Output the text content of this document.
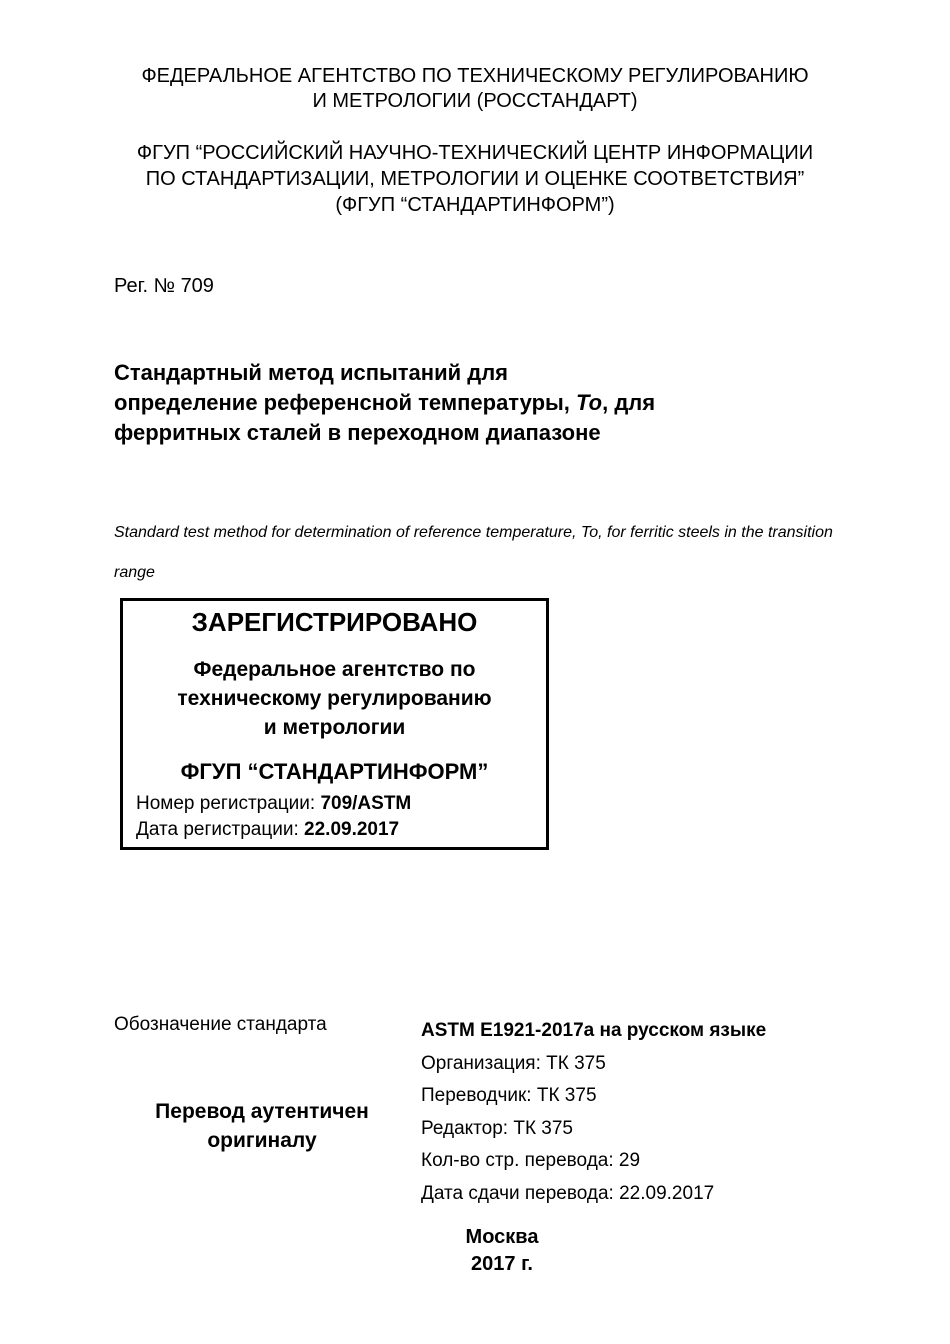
ФЕДЕРАЛЬНОЕ АГЕНТСТВО ПО ТЕХНИЧЕСКОМУ РЕГУЛИРОВАНИЮ
И МЕТРОЛОГИИ (РОССТАНДАРТ)
ФГУП “РОССИЙСКИЙ НАУЧНО-ТЕХНИЧЕСКИЙ ЦЕНТР ИНФОРМАЦИИ
ПО СТАНДАРТИЗАЦИИ, МЕТРОЛОГИИ И ОЦЕНКЕ СООТВЕТСТВИЯ”
(ФГУП “СТАНДАРТИНФОРМ”)
Рег. № 709
Стандартный метод испытаний для
определение референсной температуры, To, для
ферритных сталей в переходном диапазоне
Standard test method for determination of reference temperature, To, for ferritic steels in the transition range
ЗАРЕГИСТРИРОВАНО
Федеральное агентство по
техническому регулированию
и метрологии
ФГУП “СТАНДАРТИНФОРМ”
Номер регистрации: 709/ASTM
Дата регистрации: 22.09.2017
Обозначение стандарта
Перевод аутентичен
оригиналу
ASTM E1921-2017a на русском языке
Организация: ТК 375
Переводчик: ТК 375
Редактор: ТК 375
Кол-во стр. перевода: 29
Дата сдачи перевода: 22.09.2017
Москва
2017 г.
